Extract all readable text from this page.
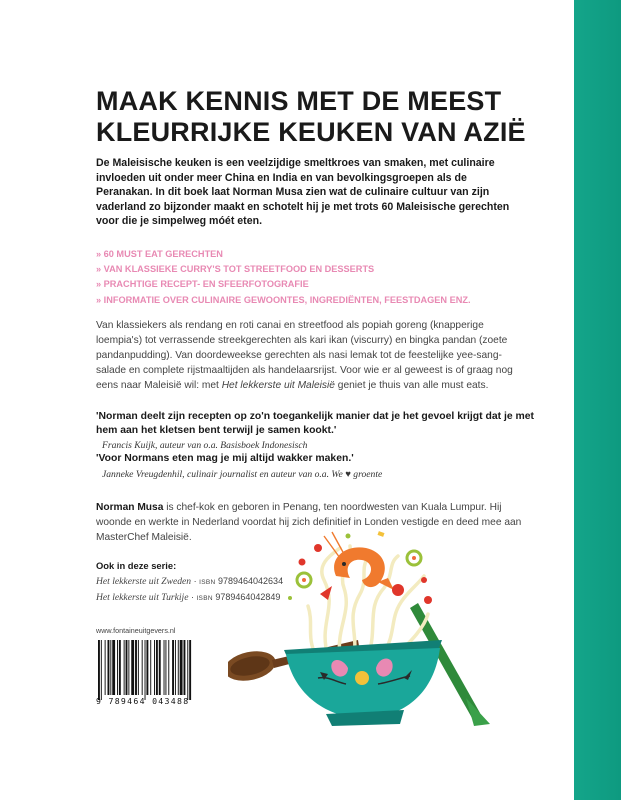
MAAK KENNIS MET DE MEEST
KLEURRIJKE KEUKEN VAN AZIË

De Maleisische keuken is een veelzijdige smeltkroes van smaken, met culinaire invloeden uit onder meer China en India en van bevolkingsgroepen als de Peranakan. In dit boek laat Norman Musa zien wat de culinaire cultuur van zijn vaderland zo bijzonder maakt en schotelt hij je met trots 60 Maleisische gerechten voor die je simpelweg móét eten.

» 60 MUST EAT GERECHTEN
» VAN KLASSIEKE CURRY'S TOT STREETFOOD EN DESSERTS
» PRACHTIGE RECEPT- EN SFEERFOTOGRAFIE
» INFORMATIE OVER CULINAIRE GEWOONTES, INGREDIËNTEN, FEESTDAGEN ENZ.

Van klassiekers als rendang en roti canai en streetfood als popiah goreng (knapperige loempia's) tot verrassende streekgerechten als kari ikan (viscurry) en bingka pandan (zoete pandanpudding). Van doordeweekse gerechten als nasi lemak tot de feestelijke yee-sang-salade en complete rijstmaaltijden als handelaarsrijst. Voor wie er al geweest is of graag nog eens naar Maleisië wil: met Het lekkerste uit Maleisië geniet je thuis van alle must eats.

'Norman deelt zijn recepten op zo'n toegankelijk manier dat je het gevoel krijgt dat je met hem aan het kletsen bent terwijl je samen kookt.'

Francis Kuijk, auteur van o.a. Basisboek Indonesisch

'Voor Normans eten mag je mij altijd wakker maken.'

Janneke Vreugdenhil, culinair journalist en auteur van o.a. We ♥ groente

Norman Musa is chef-kok en geboren in Penang, ten noordwesten van Kuala Lumpur. Hij woonde en werkte in Nederland voordat hij zich definitief in Londen vestigde en deed mee aan MasterChef Maleisië.

Ook in deze serie:

Het lekkerste uit Zweden · ISBN 9789464042634

Het lekkerste uit Turkije · ISBN 9789464042849

www.fontaineuitgevers.nl
9 789464 043488
